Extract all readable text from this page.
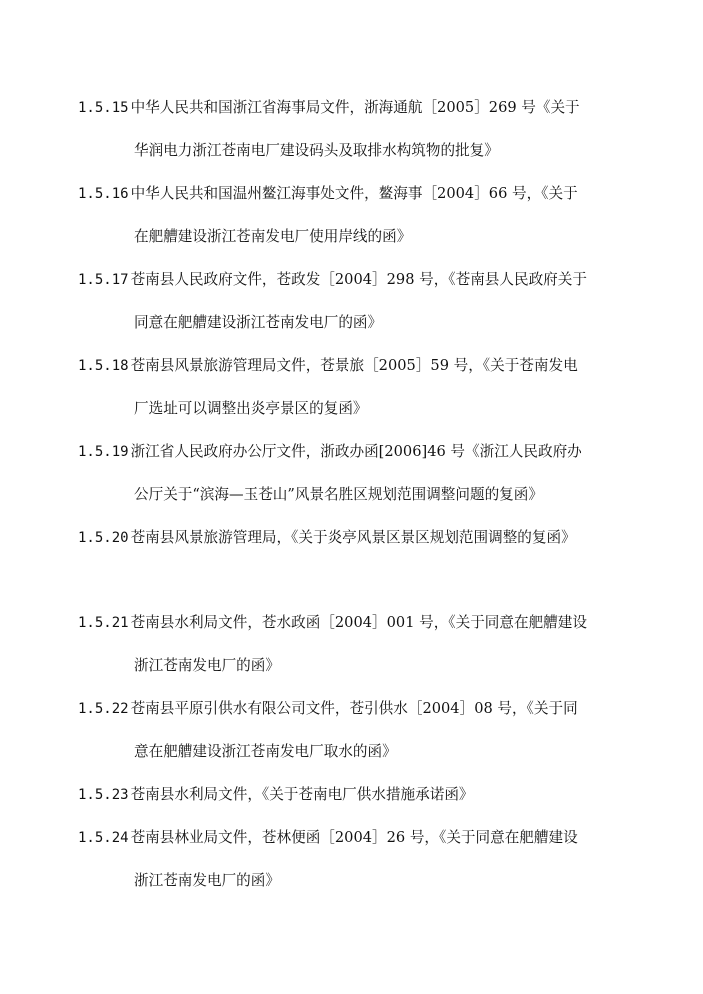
1.5.15 中华人民共和国浙江省海事局文件，浙海通航［2005］269 号《关于
华润电力浙江苍南电厂建设码头及取排水构筑物的批复》
1.5.16 中华人民共和国温州鳌江海事处文件，鳌海事［2004］66 号，《关于
在舥艚建设浙江苍南发电厂使用岸线的函》
1.5.17 苍南县人民政府文件，苍政发［2004］298 号，《苍南县人民政府关于
同意在舥艚建设浙江苍南发电厂的函》
1.5.18 苍南县风景旅游管理局文件，苍景旅［2005］59 号，《关于苍南发电
厂选址可以调整出炎亭景区的复函》
1.5.19 浙江省人民政府办公厅文件，浙政办函[2006]46 号《浙江人民政府办
公厅关于“滨海—玉苍山”风景名胜区规划范围调整问题的复函》
1.5.20 苍南县风景旅游管理局，《关于炎亭风景区景区规划范围调整的复函》
1.5.21 苍南县水利局文件，苍水政函［2004］001 号，《关于同意在舥艚建设
浙江苍南发电厂的函》
1.5.22 苍南县平原引供水有限公司文件，苍引供水［2004］08 号，《关于同
意在舥艚建设浙江苍南发电厂取水的函》
1.5.23 苍南县水利局文件，《关于苍南电厂供水措施承诺函》
1.5.24 苍南县林业局文件，苍林便函［2004］26 号，《关于同意在舥艚建设
浙江苍南发电厂的函》
